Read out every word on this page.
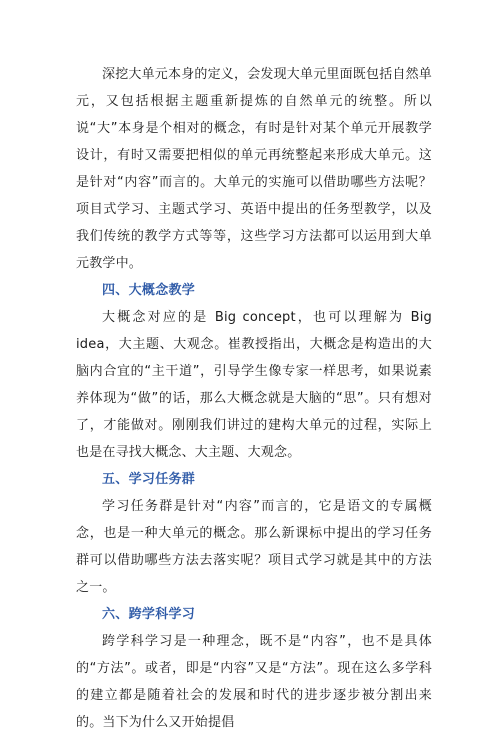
深挖大单元本身的定义，会发现大单元里面既包括自然单元，又包括根据主题重新提炼的自然单元的统整。所以说“大”本身是个相对的概念，有时是针对某个单元开展教学设计，有时又需要把相似的单元再统整起来形成大单元。这是针对“内容”而言的。大单元的实施可以借助哪些方法呢？项目式学习、主题式学习、英语中提出的任务型教学，以及我们传统的教学方式等等，这些学习方法都可以运用到大单元教学中。

四、大概念教学

大概念对应的是 Big concept，也可以理解为 Big idea，大主题、大观念。崔教授指出，大概念是构造出的大脑内合宜的“主干道”，引导学生像专家一样思考，如果说素养体现为“做”的话，那么大概念就是大脑的“思”。只有想对了，才能做对。刚刚我们讲过的建构大单元的过程，实际上也是在寻找大概念、大主题、大观念。

五、学习任务群

学习任务群是针对“内容”而言的，它是语文的专属概念，也是一种大单元的概念。那么新课标中提出的学习任务群可以借助哪些方法去落实呢？项目式学习就是其中的方法之一。

六、跨学科学习

跨学科学习是一种理念，既不是“内容”，也不是具体的“方法”。或者，即是“内容”又是“方法”。现在这么多学科的建立都是随着社会的发展和时代的进步逐步被分割出来的。当下为什么又开始提倡
